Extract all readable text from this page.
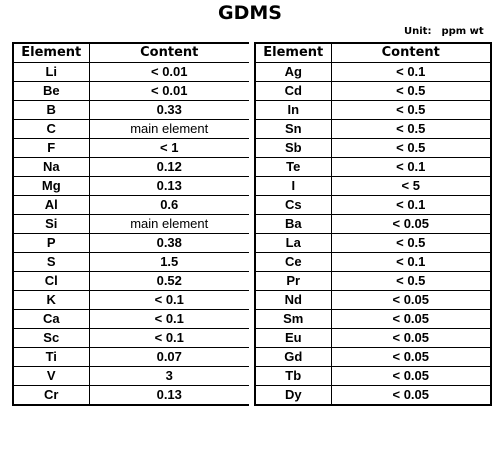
GDMS
Unit: ppm wt
Element	Content
Li	< 0.01
Be	< 0.01
B	0.33
C	main element
F	< 1
Na	0.12
Mg	0.13
Al	0.6
Si	main element
P	0.38
S	1.5
Cl	0.52
K	< 0.1
Ca	< 0.1
Sc	< 0.1
Ti	0.07
V	3
Cr	0.13
Element	Content
Ag	< 0.1
Cd	< 0.5
In	< 0.5
Sn	< 0.5
Sb	< 0.5
Te	< 0.1
I	< 5
Cs	< 0.1
Ba	< 0.05
La	< 0.5
Ce	< 0.1
Pr	< 0.5
Nd	< 0.05
Sm	< 0.05
Eu	< 0.05
Gd	< 0.05
Tb	< 0.05
Dy	< 0.05
